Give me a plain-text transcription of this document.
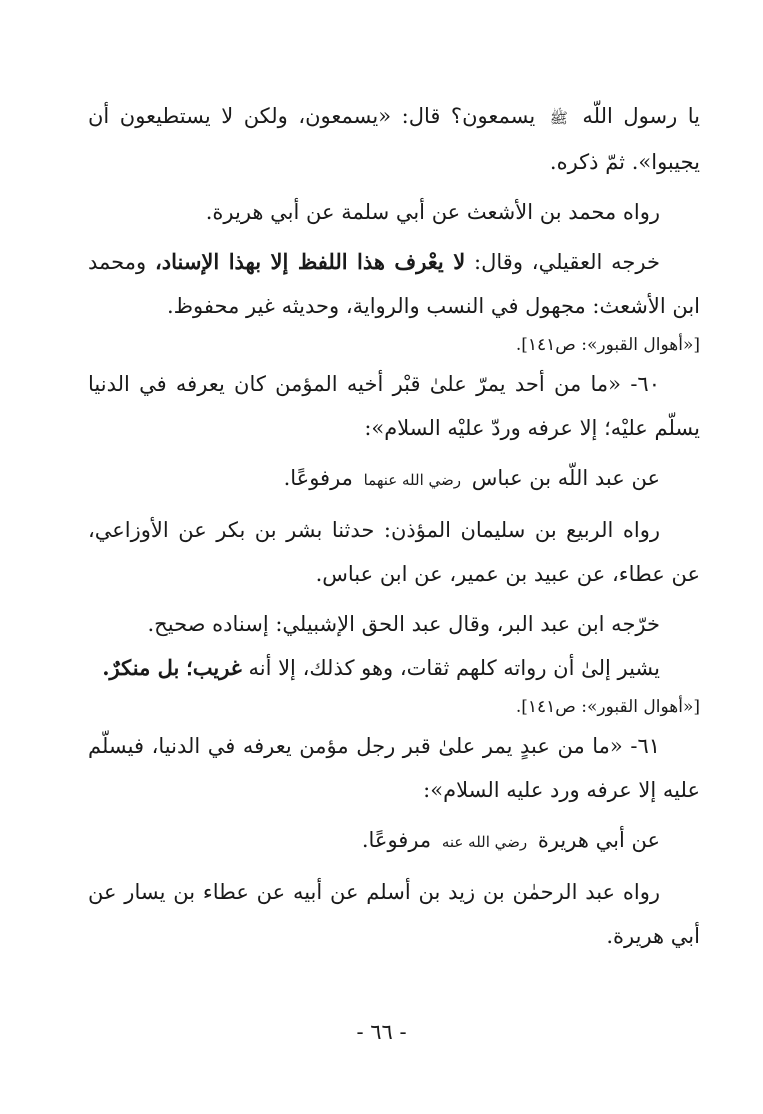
يا رسول اللّه ﷺ يسمعون؟ قال: «يسمعون، ولكن لا يستطيعون أن يجيبوا». ثمّ ذكره.

رواه محمد بن الأشعث عن أبي سلمة عن أبي هريرة.

خرجه العقيلي، وقال: لا يعْرف هذا اللفظ إلا بهذا الإسناد، ومحمد ابن الأشعث: مجهول في النسب والرواية، وحديثه غير محفوظ.

[«أهوال القبور»: ص١٤١].

٦٠- «ما من أحد يمرّ علىٰ قبْر أخيه المؤمن كان يعرفه في الدنيا يسلّم عليْه؛ إلا عرفه وردّ عليْه السلام»:

عن عبد اللّه بن عباس رضي الله عنهما مرفوعًا.

رواه الربيع بن سليمان المؤذن: حدثنا بشر بن بكر عن الأوزاعي، عن عطاء، عن عبيد بن عمير، عن ابن عباس.

خرّجه ابن عبد البر، وقال عبد الحق الإشبيلي: إسناده صحيح.

يشير إلىٰ أن رواته كلهم ثقات، وهو كذلك، إلا أنه غريب؛ بل منكرٌ.

[«أهوال القبور»: ص١٤١].

٦١- «ما من عبدٍ يمر علىٰ قبر رجل مؤمن يعرفه في الدنيا، فيسلّم عليه إلا عرفه ورد عليه السلام»:

عن أبي هريرة رضي الله عنه مرفوعًا.

رواه عبد الرحمٰن بن زيد بن أسلم عن أبيه عن عطاء بن يسار عن أبي هريرة.

- ٦٦ -
